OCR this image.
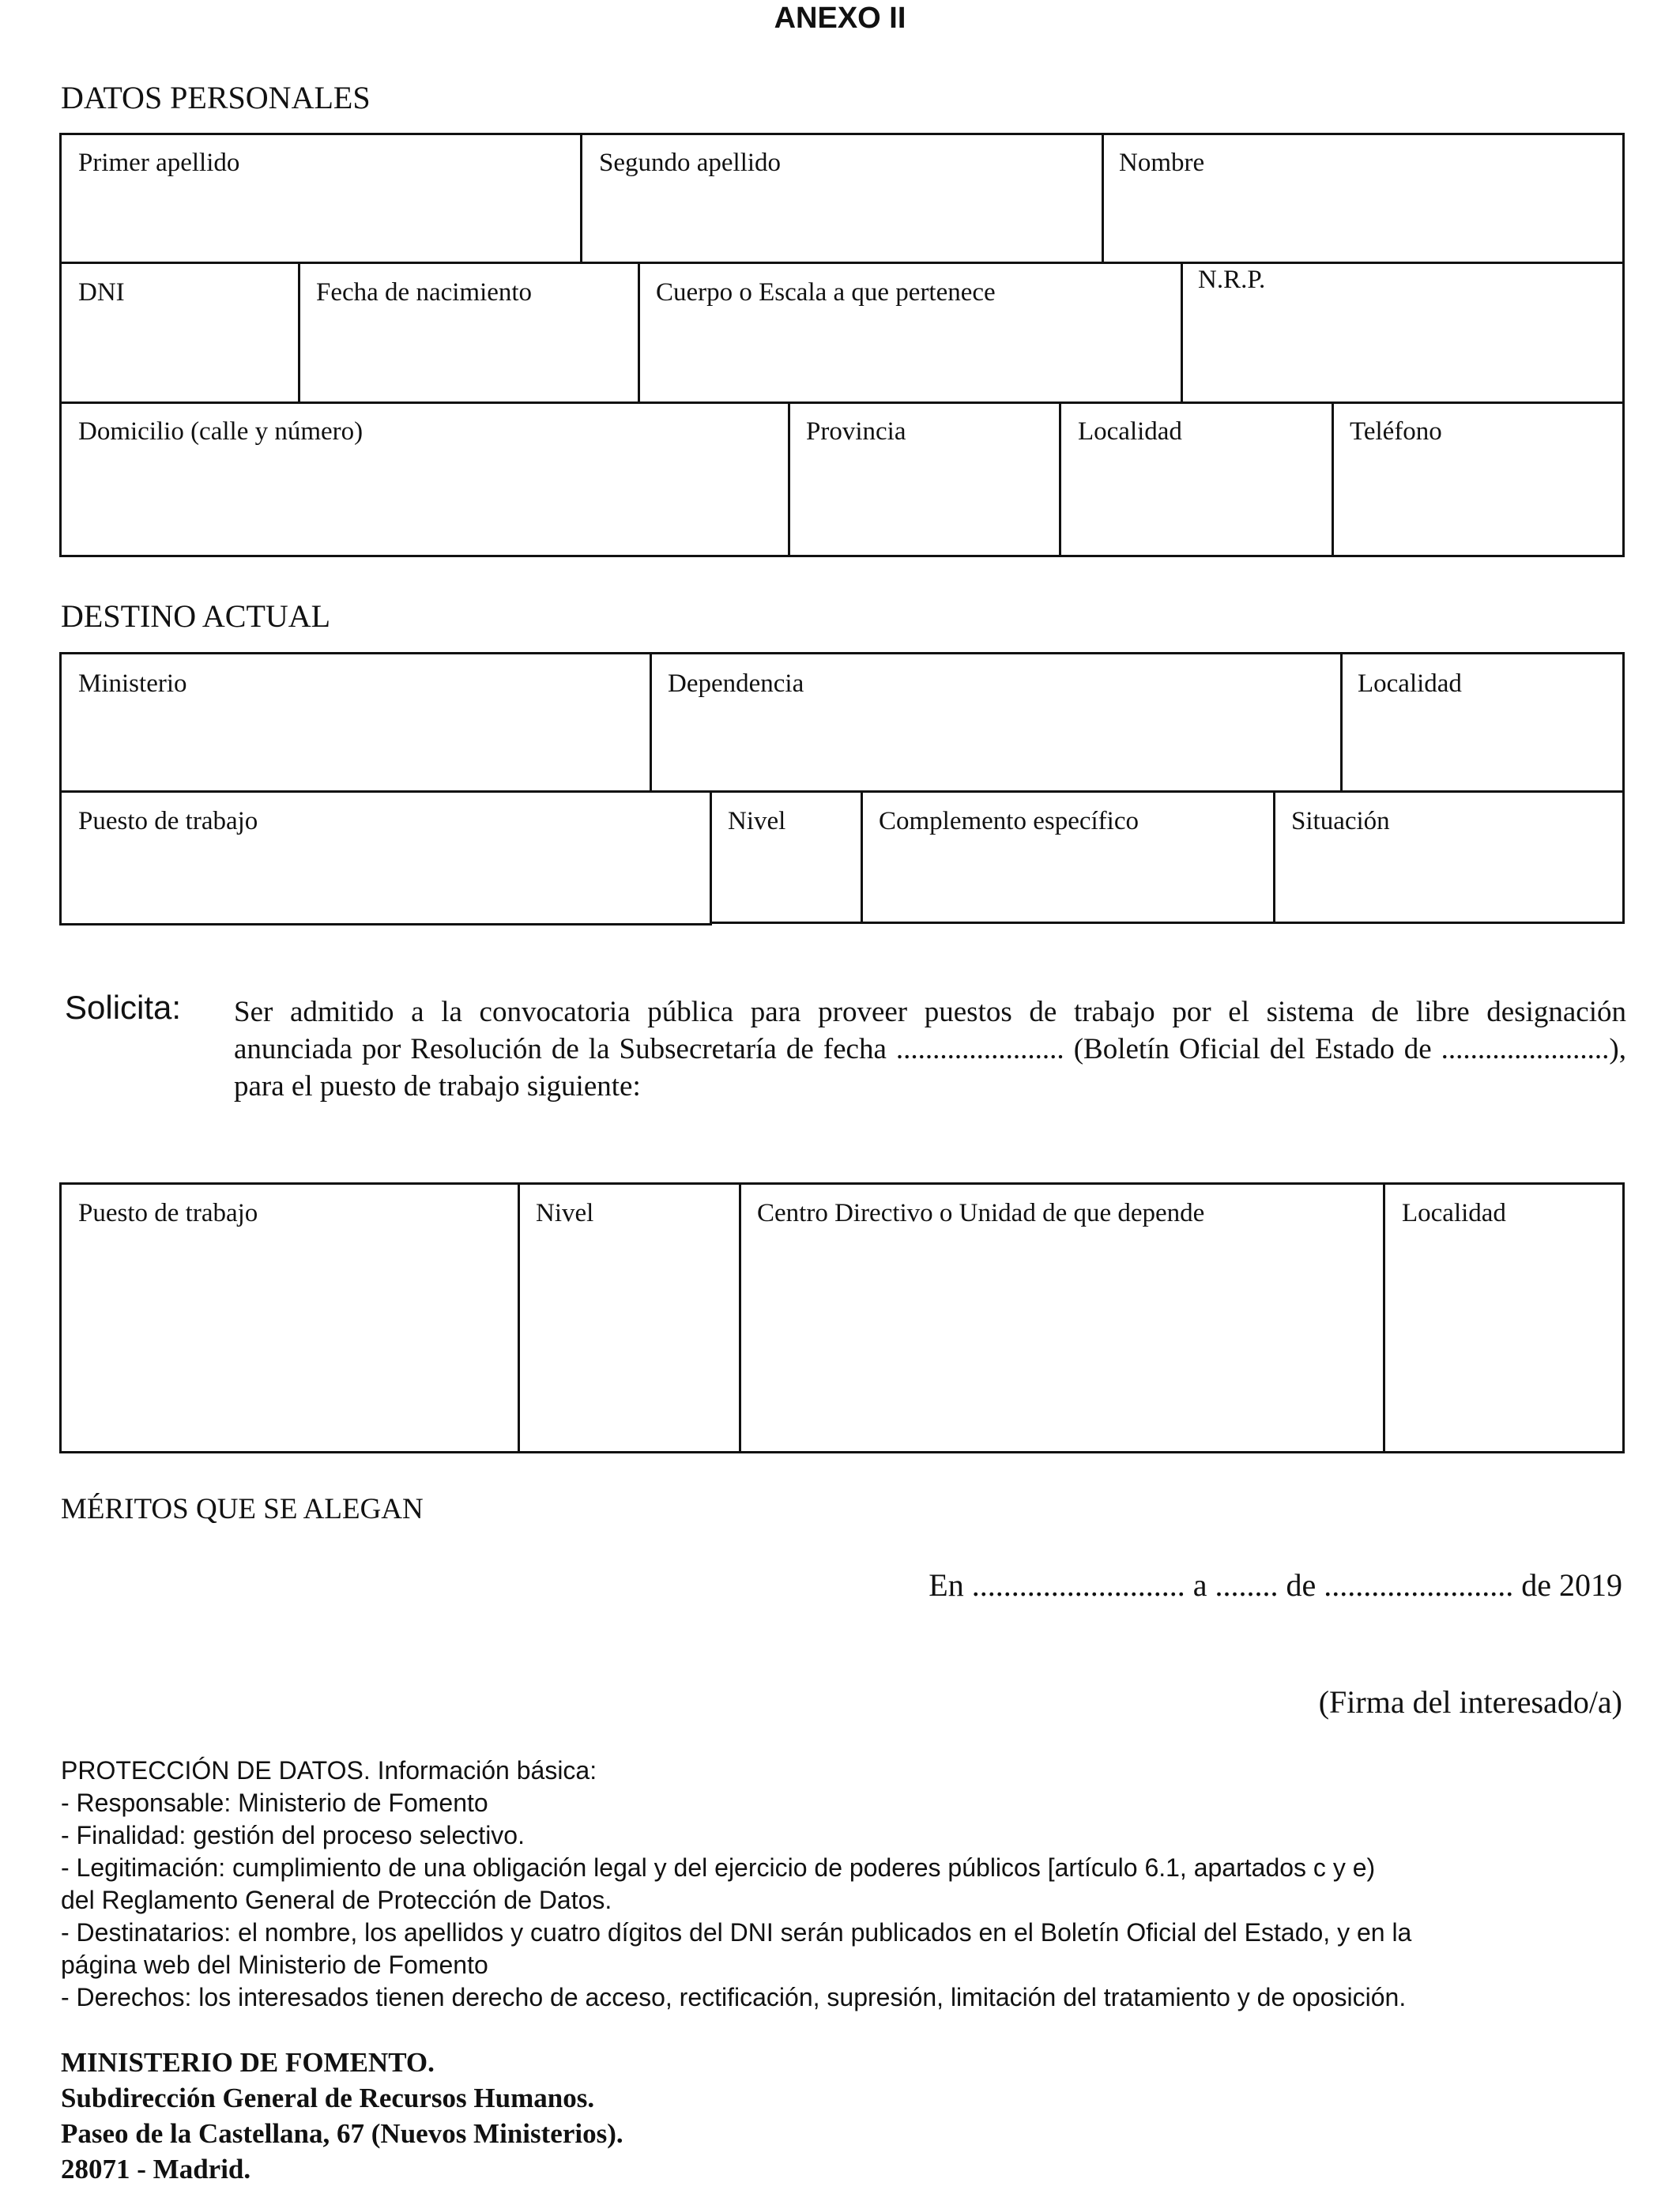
ANEXO II
DATOS PERSONALES
Primer apellido	Segundo apellido	Nombre
DNI	Fecha de nacimiento	Cuerpo o Escala a que pertenece	N.R.P.
Domicilio (calle y número)	Provincia	Localidad	Teléfono
DESTINO ACTUAL
Ministerio	Dependencia	Localidad
Puesto de trabajo	Nivel	Complemento específico	Situación
Solicita: Ser admitido a la convocatoria pública para proveer puestos de trabajo por el sistema de libre designación
anunciada por Resolución de la Subsecretaría de fecha ....................... (Boletín Oficial del Estado de .......................),
para el puesto de trabajo siguiente:
Puesto de trabajo	Nivel	Centro Directivo o Unidad de que depende	Localidad
MÉRITOS QUE SE ALEGAN
En ........................... a ........ de ........................ de 2019
(Firma del interesado/a)
PROTECCIÓN DE DATOS. Información básica:
- Responsable: Ministerio de Fomento
- Finalidad: gestión del proceso selectivo.
- Legitimación: cumplimiento de una obligación legal y del ejercicio de poderes públicos [artículo 6.1, apartados c y e)
del Reglamento General de Protección de Datos.
- Destinatarios: el nombre, los apellidos y cuatro dígitos del DNI serán publicados en el Boletín Oficial del Estado, y en la
página web del Ministerio de Fomento
- Derechos: los interesados tienen derecho de acceso, rectificación, supresión, limitación del tratamiento y de oposición.
MINISTERIO DE FOMENTO.
Subdirección General de Recursos Humanos.
Paseo de la Castellana, 67 (Nuevos Ministerios).
28071 - Madrid.
